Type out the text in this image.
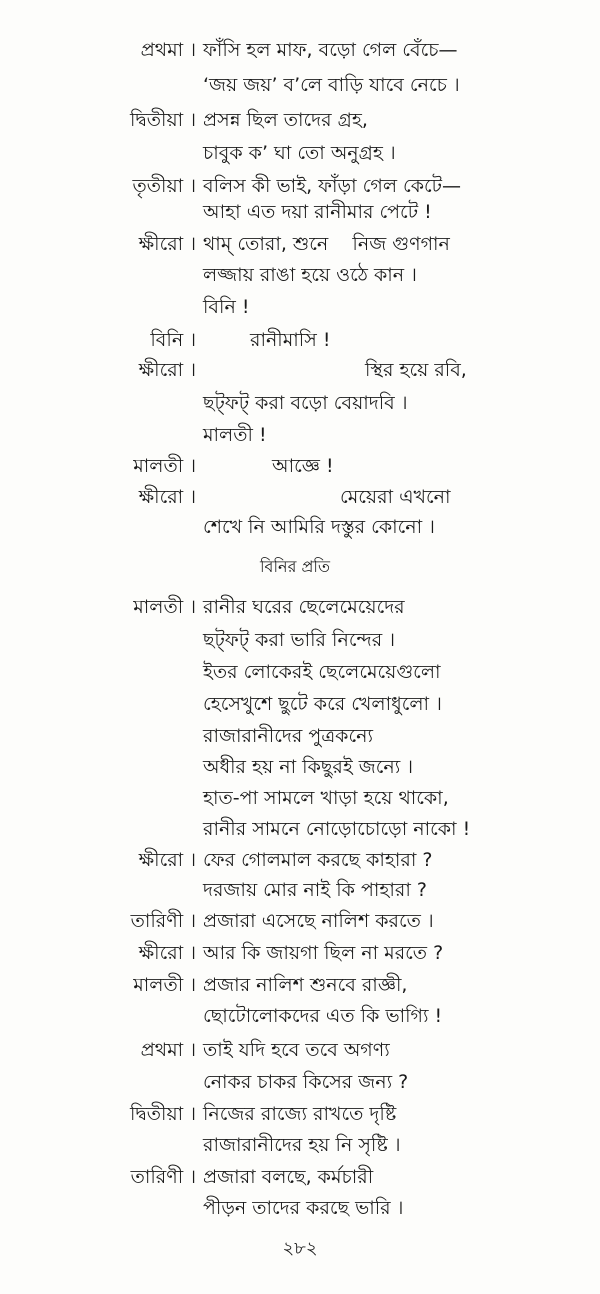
বিনির প্রতি
২৮২
প্রথমা । ফাঁসি হল মাফ, বড়ো গেল বেঁচে—
‘জয় জয়’ ব’লে বাড়ি যাবে নেচে ।
দ্বিতীয়া । প্রসন্ন ছিল তাদের গ্রহ,
চাবুক ক’ ঘা তো অনুগ্রহ ।
তৃতীয়া । বলিস কী ভাই, ফাঁড়া গেল কেটে—
আহা এত দয়া রানীমার পেটে !
ক্ষীরো । থাম্‌ তোরা, শুনে    নিজ গুণগান
লজ্জায় রাঙা হয়ে ওঠে কান ।
বিনি !
বিনি ।	রানীমাসি !
ক্ষীরো ।	স্থির হয়ে রবি,
ছট্‌ফট্‌ করা বড়ো বেয়াদবি ।
মালতী !
মালতী ।	আজ্ঞে !
ক্ষীরো ।	মেয়েরা এখনো
শেখে নি আমিরি দস্তুর কোনো ।
মালতী । রানীর ঘরের ছেলেমেয়েদের
ছট্‌ফট্‌ করা ভারি নিন্দের ।
ইতর লোকেরই ছেলেমেয়েগুলো
হেসেখুশে ছুটে করে খেলাধুলো ।
রাজারানীদের পুত্রকন্যে
অধীর হয় না কিছুরই জন্যে ।
হাত-পা সামলে খাড়া হয়ে থাকো,
রানীর সামনে নোড়োচোড়ো নাকো !
ক্ষীরো । ফের গোলমাল করছে কাহারা ?
দরজায় মোর নাই কি পাহারা ?
তারিণী । প্রজারা এসেছে নালিশ করতে ।
ক্ষীরো । আর কি জায়গা ছিল না মরতে ?
মালতী । প্রজার নালিশ শুনবে রাজ্ঞী,
ছোটোলোকদের এত কি ভাগ্যি !
প্রথমা । তাই যদি হবে তবে অগণ্য
নোকর চাকর কিসের জন্য ?
দ্বিতীয়া । নিজের রাজ্যে রাখতে দৃষ্টি
রাজারানীদের হয় নি সৃষ্টি ।
তারিণী । প্রজারা বলছে, কর্মচারী
পীড়ন তাদের করছে ভারি ।
